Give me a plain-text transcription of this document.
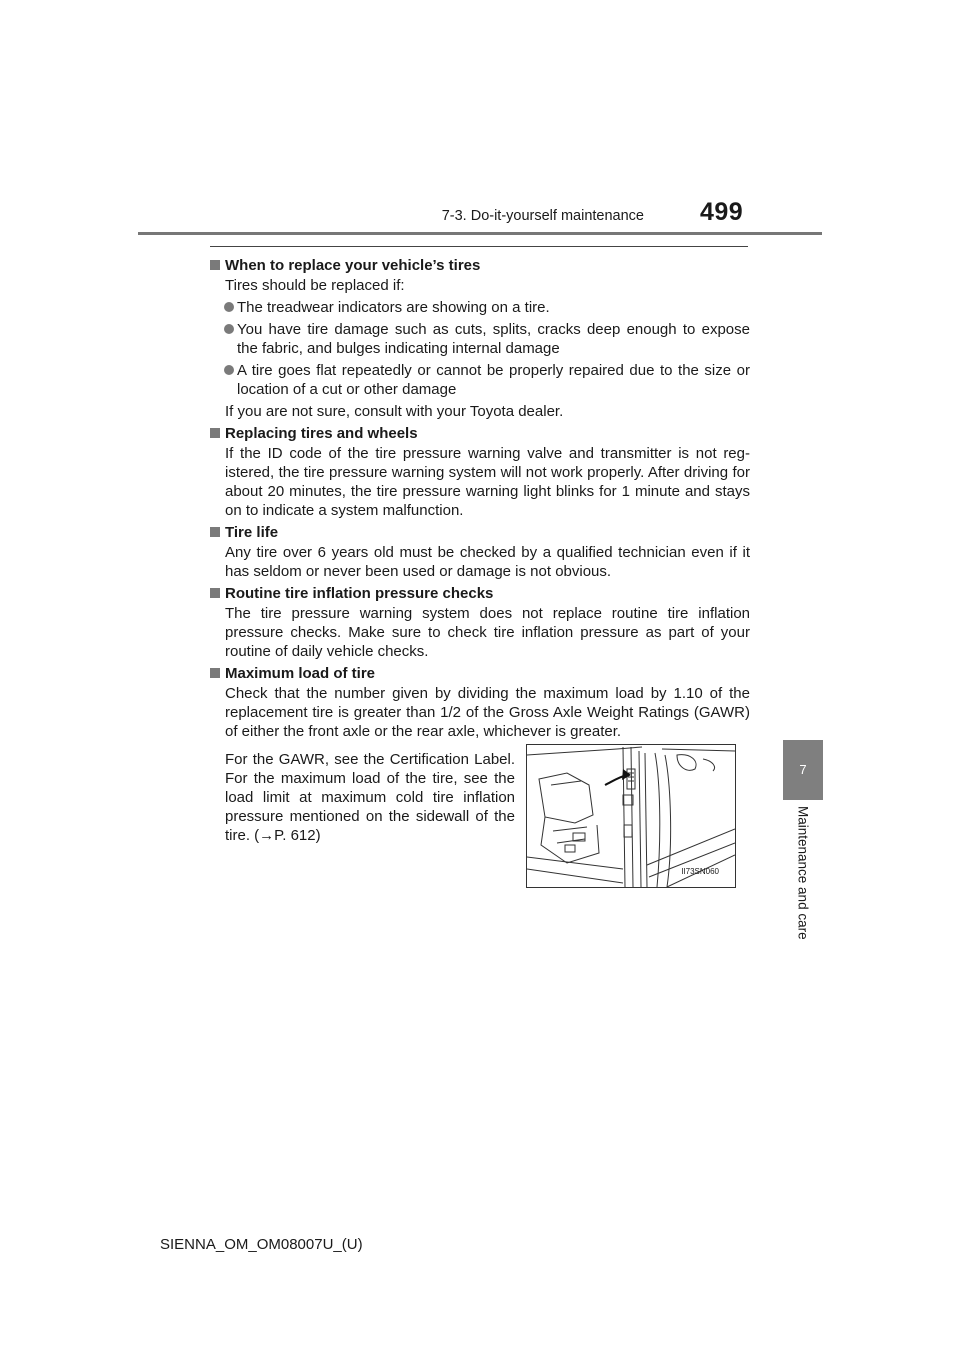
7-3. Do-it-yourself maintenance 499
7
Maintenance and care
When to replace your vehicle’s tires
Tires should be replaced if:
The treadwear indicators are showing on a tire.
You have tire damage such as cuts, splits, cracks deep enough to expose the fabric, and bulges indicating internal damage
A tire goes flat repeatedly or cannot be properly repaired due to the size or location of a cut or other damage
If you are not sure, consult with your Toyota dealer.
Replacing tires and wheels
If the ID code of the tire pressure warning valve and transmitter is not registered, the tire pressure warning system will not work properly. After driving for about 20 minutes, the tire pressure warning light blinks for 1 minute and stays on to indicate a system malfunction.
Tire life
Any tire over 6 years old must be checked by a qualified technician even if it has seldom or never been used or damage is not obvious.
Routine tire inflation pressure checks
The tire pressure warning system does not replace routine tire inflation pressure checks. Make sure to check tire inflation pressure as part of your routine of daily vehicle checks.
Maximum load of tire
Check that the number given by dividing the maximum load by 1.10 of the replacement tire is greater than 1/2 of the Gross Axle Weight Ratings (GAWR) of either the front axle or the rear axle, whichever is greater.
For the GAWR, see the Certification Label. For the maximum load of the tire, see the load limit at maximum cold tire inflation pressure mentioned on the sidewall of the tire. (→P. 612)
II73SN060
SIENNA_OM_OM08007U_(U)
